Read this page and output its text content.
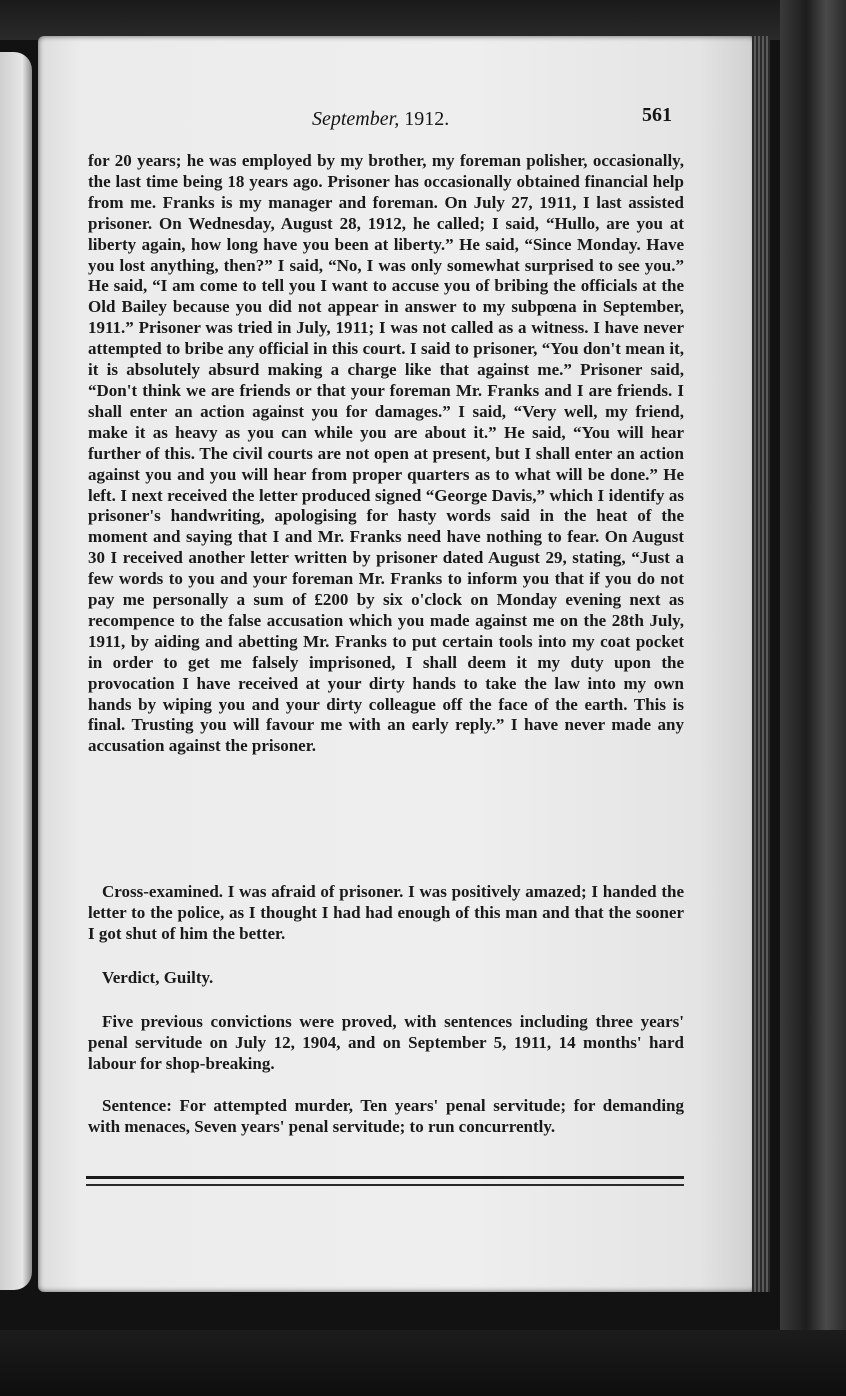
September, 1912.	561
for 20 years; he was employed by my brother, my foreman polisher, occasionally, the last time being 18 years ago. Prisoner has occasionally obtained financial help from me. Franks is my manager and foreman. On July 27, 1911, I last assisted prisoner. On Wednesday, August 28, 1912, he called; I said, “Hullo, are you at liberty again, how long have you been at liberty.” He said, “Since Monday. Have you lost anything, then?” I said, “No, I was only somewhat surprised to see you.” He said, “I am come to tell you I want to accuse you of bribing the officials at the Old Bailey because you did not appear in answer to my subpœna in September, 1911.” Prisoner was tried in July, 1911; I was not called as a witness. I have never attempted to bribe any official in this court. I said to prisoner, “You don't mean it, it is absolutely absurd making a charge like that against me.” Prisoner said, “Don't think we are friends or that your foreman Mr. Franks and I are friends. I shall enter an action against you for damages.” I said, “Very well, my friend, make it as heavy as you can while you are about it.” He said, “You will hear further of this. The civil courts are not open at present, but I shall enter an action against you and you will hear from proper quarters as to what will be done.” He left. I next received the letter produced signed “George Davis,” which I identify as prisoner's handwriting, apologising for hasty words said in the heat of the moment and saying that I and Mr. Franks need have nothing to fear. On August 30 I received another letter written by prisoner dated August 29, stating, “Just a few words to you and your foreman Mr. Franks to inform you that if you do not pay me personally a sum of £200 by six o'clock on Monday evening next as recompence to the false accusation which you made against me on the 28th July, 1911, by aiding and abetting Mr. Franks to put certain tools into my coat pocket in order to get me falsely imprisoned, I shall deem it my duty upon the provocation I have received at your dirty hands to take the law into my own hands by wiping you and your dirty colleague off the face of the earth. This is final. Trusting you will favour me with an early reply.” I have never made any accusation against the prisoner.
Cross-examined. I was afraid of prisoner. I was positively amazed; I handed the letter to the police, as I thought I had had enough of this man and that the sooner I got shut of him the better.
Verdict, Guilty.
Five previous convictions were proved, with sentences including three years' penal servitude on July 12, 1904, and on September 5, 1911, 14 months' hard labour for shop-breaking.
Sentence: For attempted murder, Ten years' penal servitude; for demanding with menaces, Seven years' penal servitude; to run concurrently.
